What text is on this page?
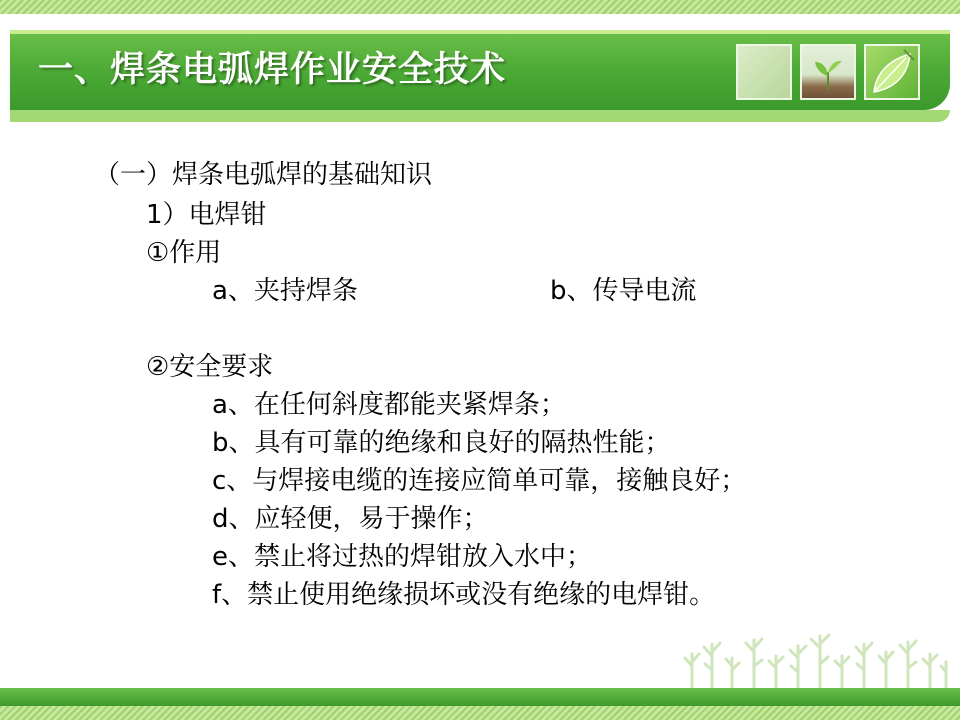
一、焊条电弧焊作业安全技术

（一）焊条电弧焊的基础知识

1）电焊钳

①作用

a、夹持焊条	b、传导电流

②安全要求

a、在任何斜度都能夹紧焊条；

b、具有可靠的绝缘和良好的隔热性能；

c、与焊接电缆的连接应简单可靠，接触良好；

d、应轻便，易于操作；

e、禁止将过热的焊钳放入水中；

f、禁止使用绝缘损坏或没有绝缘的电焊钳。
